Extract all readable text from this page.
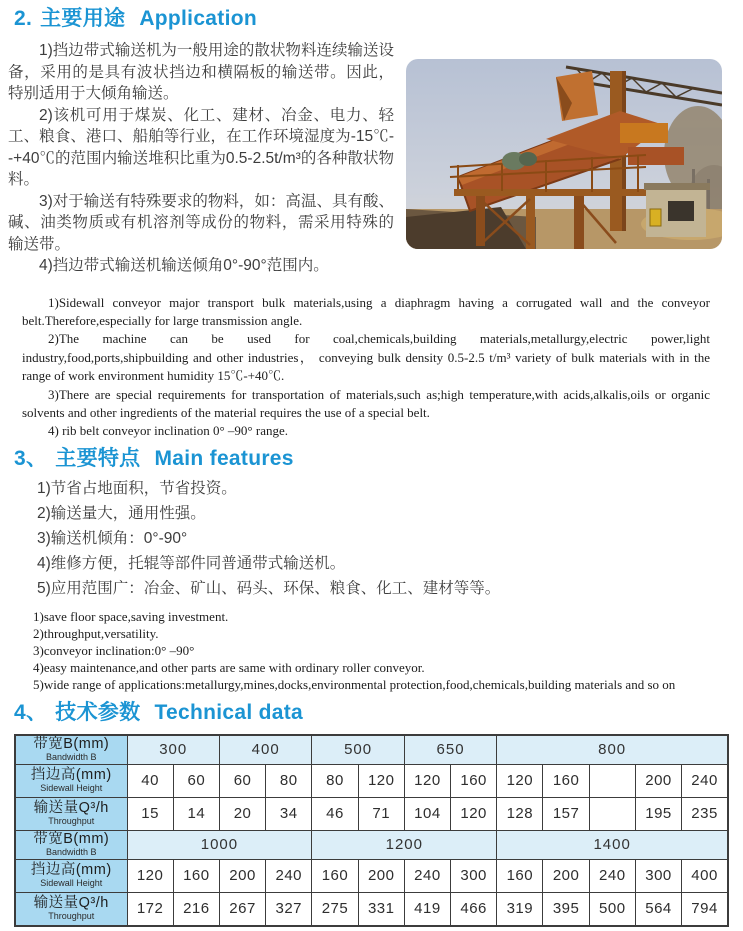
2. 主要用途 Application

1)挡边带式输送机为一般用途的散状物料连续输送设备，采用的是具有波状挡边和横隔板的输送带。因此，特别适用于大倾角输送。

2)该机可用于煤炭、化工、建材、冶金、电力、轻工、粮食、港口、船舶等行业，在工作环境湿度为-15℃--+40℃的范围内输送堆积比重为0.5-2.5t/m³的各种散状物料。

3)对于输送有特殊要求的物料，如：高温、具有酸、碱、油类物质或有机溶剂等成份的物料，需采用特殊的输送带。

4)挡边带式输送机输送倾角0°-90°范围内。

1)Sidewall conveyor major transport bulk materials,using a diaphragm having a corrugated wall and the conveyor belt.Therefore,especially for large transmission angle.

2)The machine can be used for coal,chemicals,building materials,metallurgy,electric power,light industry,food,ports,shipbuilding and other industries， conveying bulk density 0.5-2.5 t/m³ variety of bulk materials with in the range of work environment humidity 15℃-+40℃.

3)There are special requirements for transportation of materials,such as;high temperature,with acids,alkalis,oils or organic solvents and other ingredients of the material requires the use of a special belt.

4) rib belt conveyor inclination 0° –90° range.

3、 主要特点 Main features

1)节省占地面积，节省投资。

2)输送量大，通用性强。

3)输送机倾角：0°-90°

4)维修方便，托辊等部件同普通带式输送机。

5)应用范围广：冶金、矿山、码头、环保、粮食、化工、建材等等。

1)save floor space,saving investment.

2)throughput,versatility.

3)conveyor inclination:0° –90°

4)easy maintenance,and other parts are same with ordinary roller conveyor.

5)wide range of applications:metallurgy,mines,docks,environmental protection,food,chemicals,building materials and so on

4、 技术参数 Technical data
带宽B(mm)
Bandwidth B	300		400		500		650		800				

挡边高(mm)
Sidewall Height	40	60	60	80	80	120	120	160	120	160		200	240

输送量Q³/h
Throughput	15	14	20	34	46	71	104	120	128	157		195	235

带宽B(mm)
Bandwidth B	1000				1200				1400				

挡边高(mm)
Sidewall Height	120	160	200	240	160	200	240	300	160	200	240	300	400

输送量Q³/h
Throughput	172	216	267	327	275	331	419	466	319	395	500	564	794
